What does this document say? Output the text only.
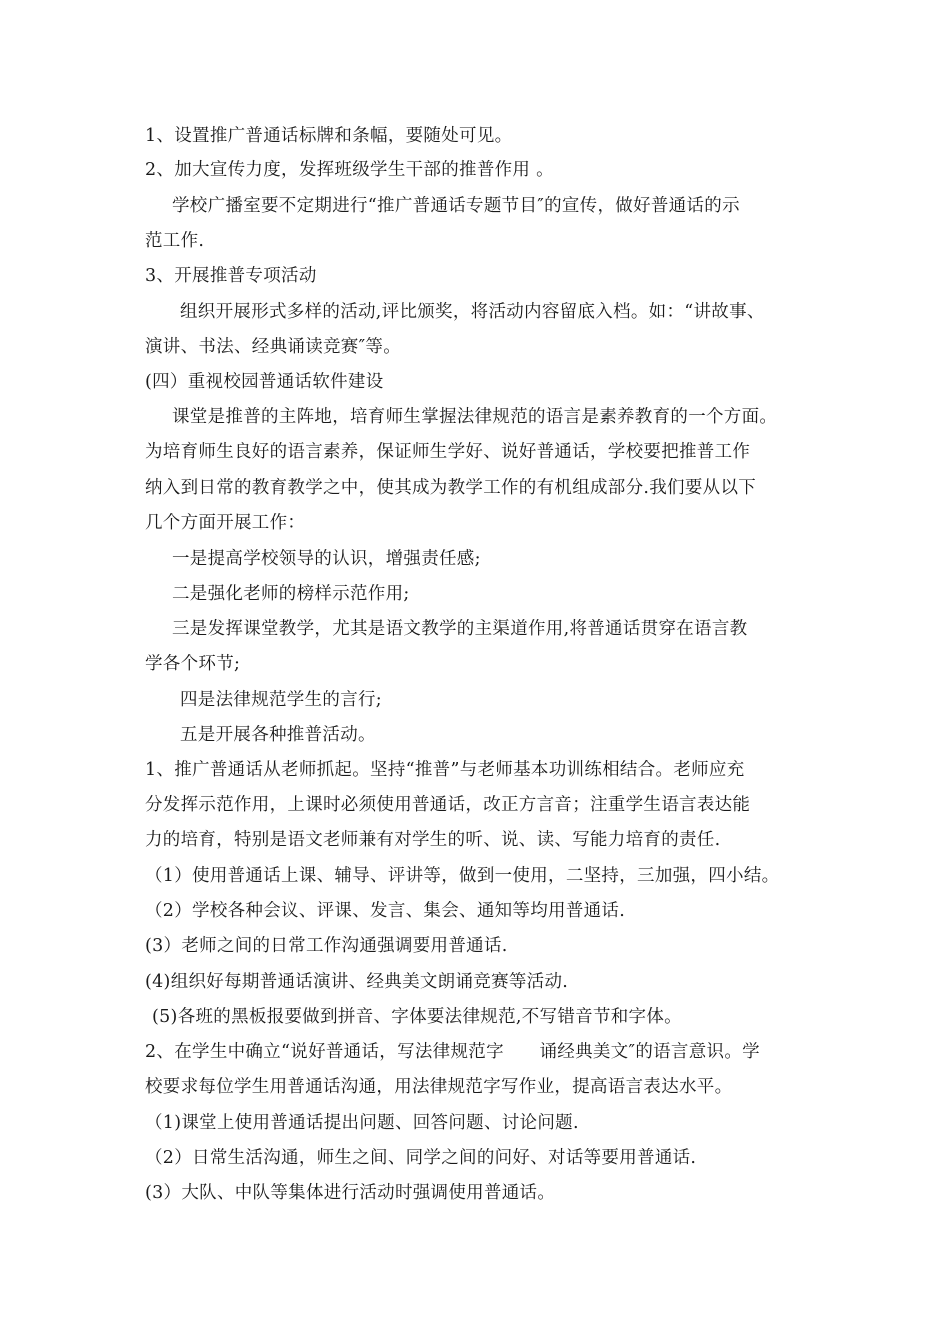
1、设置推广普通话标牌和条幅，要随处可见。
2、加大宣传力度，发挥班级学生干部的推普作用 。
学校广播室要不定期进行“推广普通话专题节目″的宣传，做好普通话的示
范工作.
3、开展推普专项活动
组织开展形式多样的活动,评比颁奖，将活动内容留底入档。如：“讲故事、
演讲、书法、经典诵读竞赛″等。
(四）重视校园普通话软件建设
课堂是推普的主阵地，培育师生掌握法律规范的语言是素养教育的一个方面。
为培育师生良好的语言素养，保证师生学好、说好普通话，学校要把推普工作
纳入到日常的教育教学之中，使其成为教学工作的有机组成部分.我们要从以下
几个方面开展工作：
一是提高学校领导的认识，增强责任感;
二是强化老师的榜样示范作用;
三是发挥课堂教学，尤其是语文教学的主渠道作用,将普通话贯穿在语言教
学各个环节;
四是法律规范学生的言行;
五是开展各种推普活动。
1、推广普通话从老师抓起。坚持“推普”与老师基本功训练相结合。老师应充
分发挥示范作用，上课时必须使用普通话，改正方言音；注重学生语言表达能
力的培育，特别是语文老师兼有对学生的听、说、读、写能力培育的责任.
（1）使用普通话上课、辅导、评讲等，做到一使用，二坚持，三加强，四小结。
（2）学校各种会议、评课、发言、集会、通知等均用普通话.
(3）老师之间的日常工作沟通强调要用普通话.
(4)组织好每期普通话演讲、经典美文朗诵竞赛等活动.
(5)各班的黑板报要做到拼音、字体要法律规范,不写错音节和字体。
2、在学生中确立“说好普通话，写法律规范字　　诵经典美文″的语言意识。学
校要求每位学生用普通话沟通，用法律规范字写作业，提高语言表达水平。
（1)课堂上使用普通话提出问题、回答问题、讨论问题.
（2）日常生活沟通，师生之间、同学之间的问好、对话等要用普通话.
(3）大队、中队等集体进行活动时强调使用普通话。
